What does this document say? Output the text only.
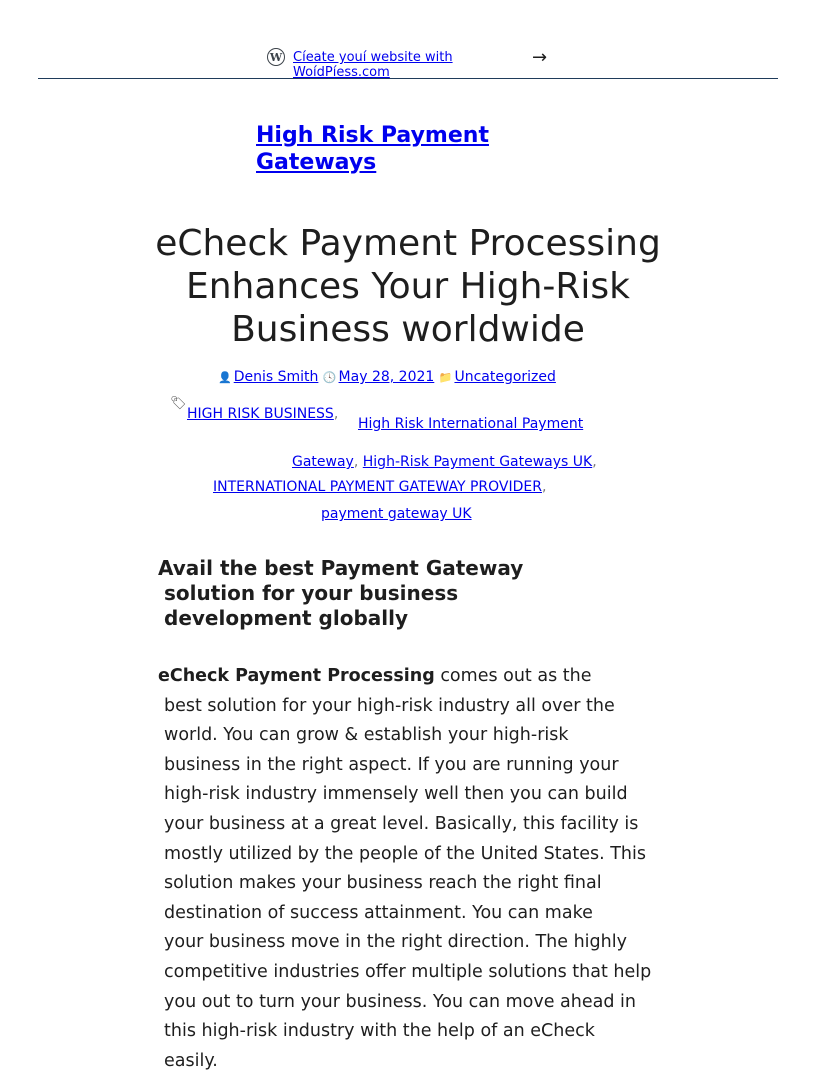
W Cíeate youí website with WoídPíess.com
→
High Risk Payment Gateways
eCheck Payment Processing Enhances Your High-Risk Business worldwide
👤 Denis Smith 🕓 May 28, 2021 📁 Uncategorized
🏷
HIGH RISK BUSINESS,
High Risk International Payment Gateway, High-Risk Payment Gateways UK,
INTERNATIONAL PAYMENT GATEWAY PROVIDER,
payment gateway UK
Avail the best Payment Gateway
solution for your business
development globally
eCheck Payment Processing comes out as the
best solution for your high-risk industry all over the
world. You can grow & establish your high-risk
business in the right aspect. If you are running your
high-risk industry immensely well then you can build
your business at a great level. Basically, this facility is
mostly utilized by the people of the United States. This
solution makes your business reach the right final
destination of success attainment. You can make
your business move in the right direction. The highly
competitive industries offer multiple solutions that help
you out to turn your business. You can move ahead in
this high-risk industry with the help of an eCheck
easily.
